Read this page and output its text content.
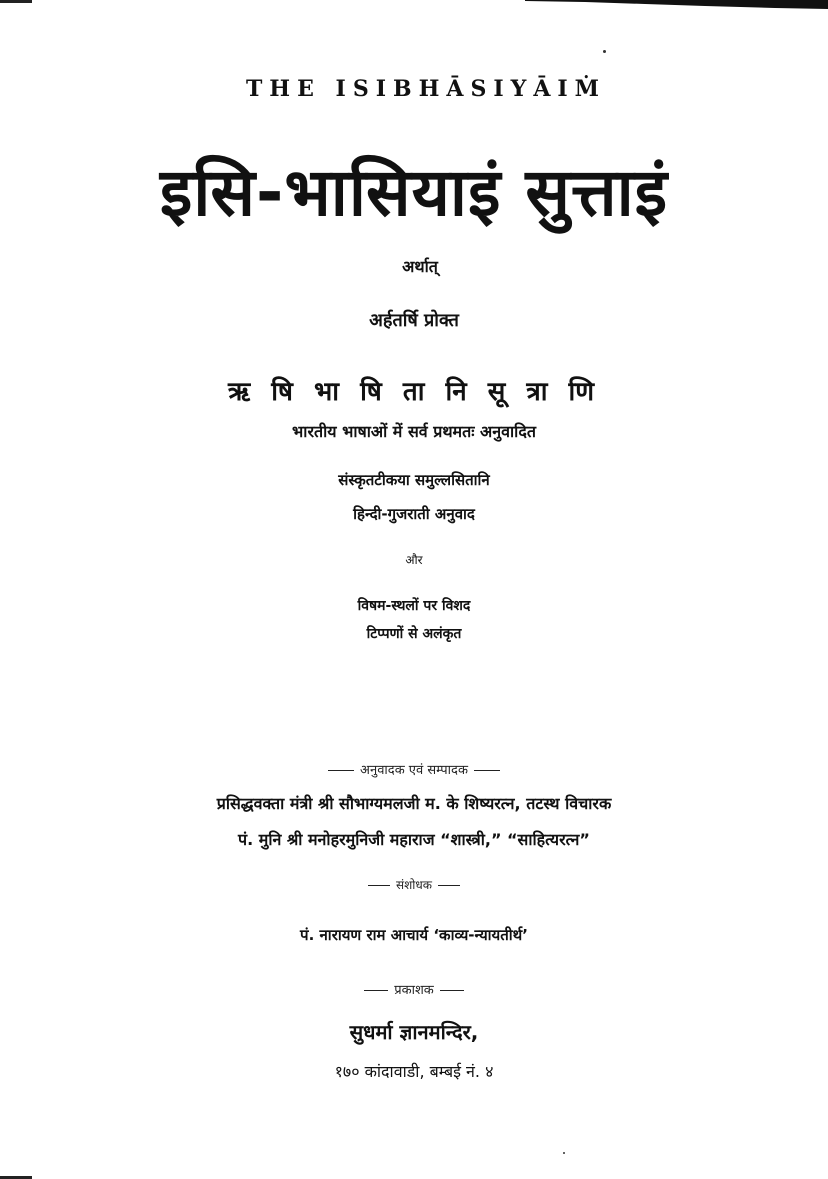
THE ISIBHĀSIYĀIṀ
इसि-भासियाइं सुत्ताइं
अर्थात्
अर्हतर्षि प्रोक्त
ऋ षि भा षि ता नि सू त्रा णि
भारतीय भाषाओं में सर्व प्रथमतः अनुवादित
संस्कृतटीकया समुल्लसितानि
हिन्दी-गुजराती अनुवाद
और
विषम-स्थलों पर विशद
टिप्पणों से अलंकृत
अनुवादक एवं सम्पादक
प्रसिद्धवक्ता मंत्री श्री सौभाग्यमलजी म. के शिष्यरत्न, तटस्थ विचारक
पं. मुनि श्री मनोहरमुनिजी महाराज “शास्त्री,” “साहित्यरत्न”
संशोधक
पं. नारायण राम आचार्य ‘काव्य-न्यायतीर्थ’
प्रकाशक
सुधर्मा ज्ञानमन्दिर,
१७० कांदावाडी, बम्बई नं. ४
